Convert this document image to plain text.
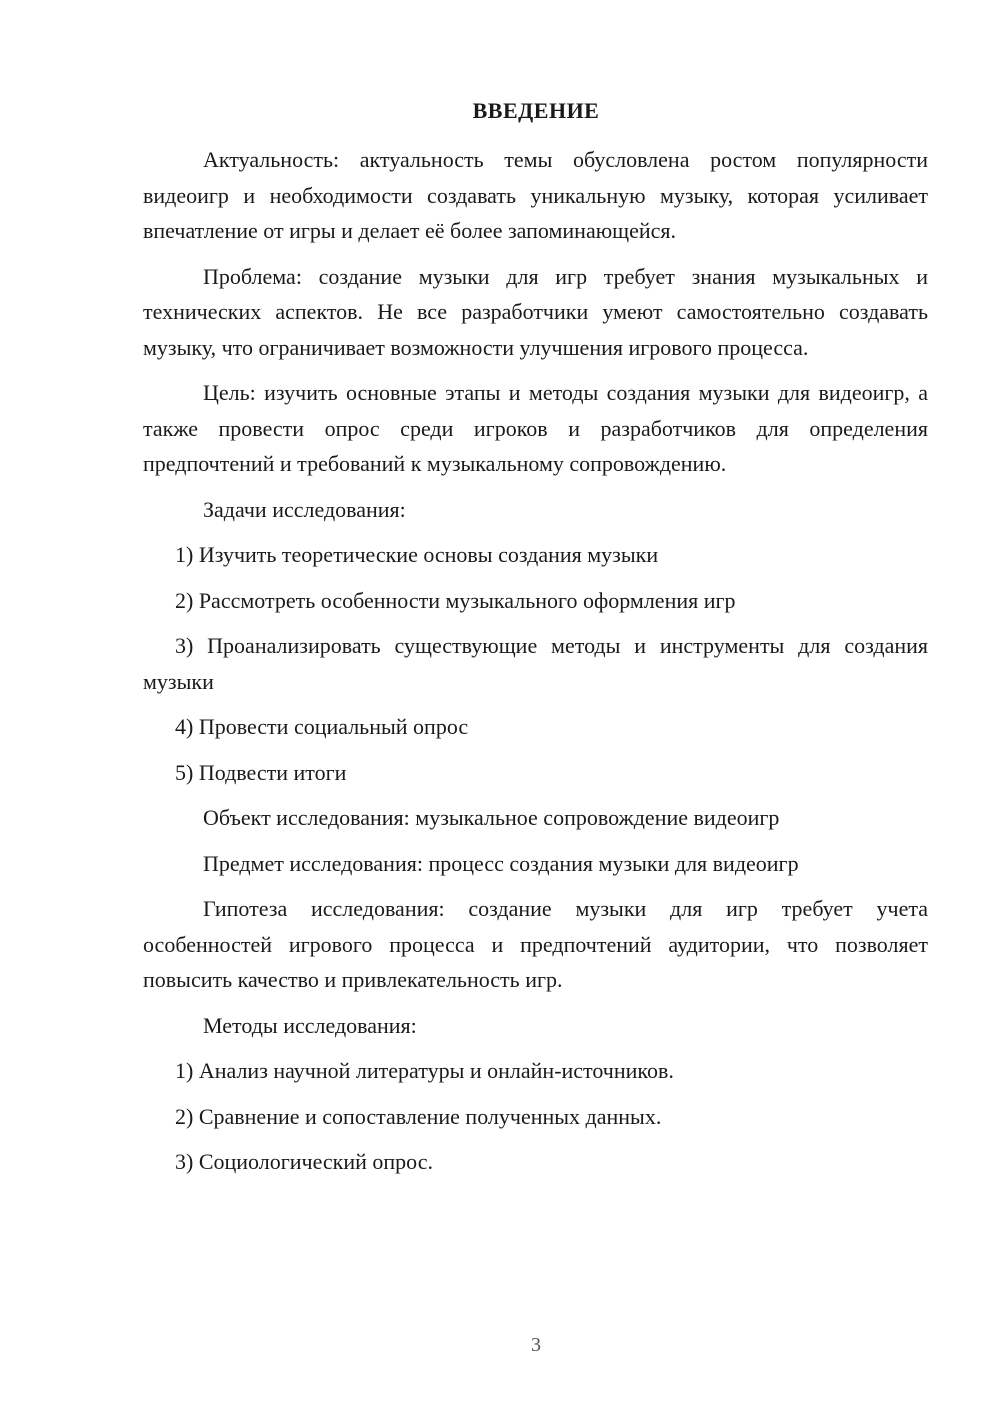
ВВЕДЕНИЕ

Актуальность: актуальность темы обусловлена ростом популярности видеоигр и необходимости создавать уникальную музыку, которая усиливает впечатление от игры и делает её более запоминающейся.

Проблема: создание музыки для игр требует знания музыкальных и технических аспектов. Не все разработчики умеют самостоятельно создавать музыку, что ограничивает возможности улучшения игрового процесса.

Цель: изучить основные этапы и методы создания музыки для видеоигр, а также провести опрос среди игроков и разработчиков для определения предпочтений и требований к музыкальному сопровождению.

Задачи исследования:

1) Изучить теоретические основы создания музыки

2) Рассмотреть особенности музыкального оформления игр

3) Проанализировать существующие методы и инструменты для создания музыки

4) Провести социальный опрос

5) Подвести итоги

Объект исследования: музыкальное сопровождение видеоигр

Предмет исследования: процесс создания музыки для видеоигр

Гипотеза исследования: создание музыки для игр требует учета особенностей игрового процесса и предпочтений аудитории, что позволяет повысить качество и привлекательность игр.

Методы исследования:

1) Анализ научной литературы и онлайн-источников.

2) Сравнение и сопоставление полученных данных.

3) Социологический опрос.

3
